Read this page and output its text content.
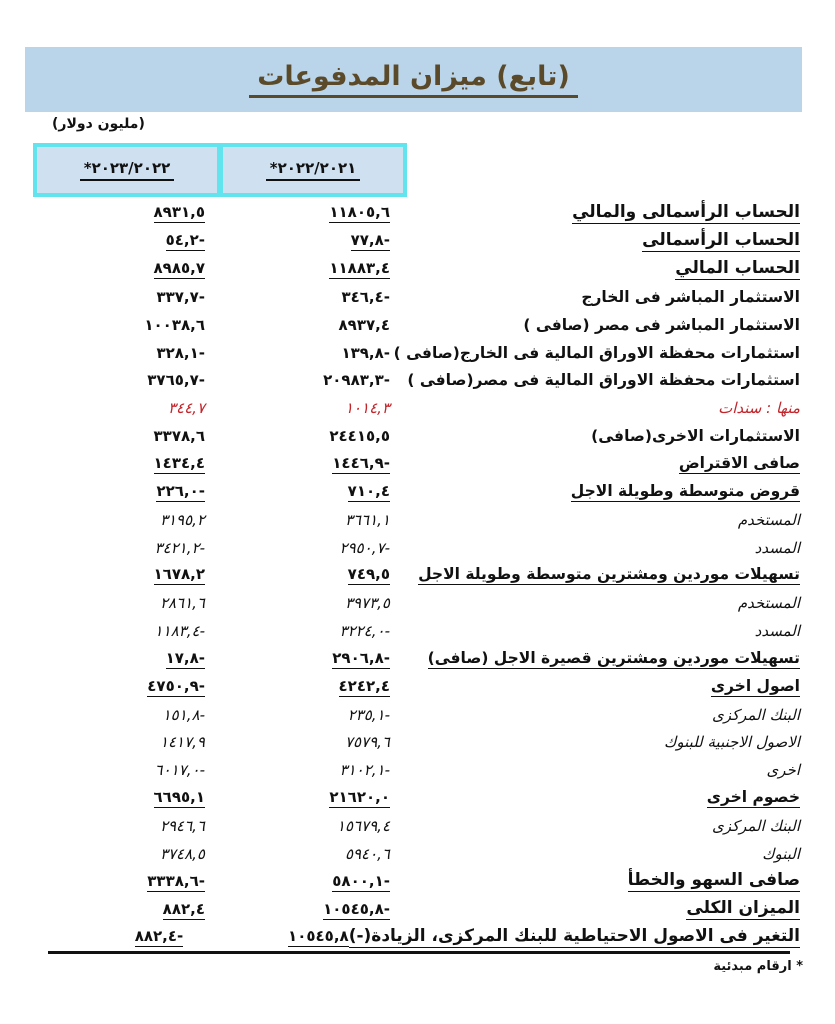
(تابع) ميزان المدفوعات
(مليون دولار)
*٢٠٢٣/٢٠٢٢	*٢٠٢٢/٢٠٢١
٨٩٣١,٥	١١٨٠٥,٦	الحساب الرأسمالى والمالي
٥٤,٢-	٧٧,٨-	الحساب الرأسمالى
٨٩٨٥,٧	١١٨٨٣,٤	الحساب المالي
٣٣٧,٧-	٣٤٦,٤-	الاستثمار المباشر فى الخارج
١٠٠٣٨,٦	٨٩٣٧,٤	الاستثمار المباشر فى مصر (صافى )
٣٢٨,١-	١٣٩,٨- استثمارات محفظة الاوراق المالية فى الخارج(صافى )
٣٧٦٥,٧-	٢٠٩٨٣,٣-	استثمارات محفظة الاوراق المالية فى مصر(صافى )
٣٤٤,٧	١٠١٤,٣	منها : سندات
٣٣٧٨,٦	٢٤٤١٥,٥	الاستثمارات الاخرى(صافى)
١٤٣٤,٤	١٤٤٦,٩-	صافى الاقتراض
٢٢٦,٠-	٧١٠,٤	قروض متوسطة وطويلة الاجل
٣١٩٥,٢	٣٦٦١,١	المستخدم
٣٤٢١,٢-	٢٩٥٠,٧-	المسدد
١٦٧٨,٢	٧٤٩,٥	تسهيلات موردين ومشترين متوسطة وطويلة الاجل
٢٨٦١,٦	٣٩٧٣,٥	المستخدم
١١٨٣,٤-	٣٢٢٤,٠-	المسدد
١٧,٨-	٢٩٠٦,٨-	تسهيلات موردين ومشترين قصيرة الاجل (صافى)
٤٧٥٠,٩-	٤٢٤٢,٤	اصول اخرى
١٥١,٨-	٢٣٥,١-	البنك المركزى
١٤١٧,٩	٧٥٧٩,٦	الاصول الاجنبية للبنوك
٦٠١٧,٠-	٣١٠٢,١-	اخرى
٦٦٩٥,١	٢١٦٢٠,٠	خصوم اخرى
٢٩٤٦,٦	١٥٦٧٩,٤	البنك المركزى
٣٧٤٨,٥	٥٩٤٠,٦	البنوك
٣٣٣٨,٦-	٥٨٠٠,١-	صافى السهو والخطأ
٨٨٢,٤	١٠٥٤٥,٨-	الميزان الكلى
٨٨٢,٤-	١٠٥٤٥,٨ التغير فى الاصول الاحتياطية للبنك المركزى، الزيادة(-)
* ارقام مبدئية
